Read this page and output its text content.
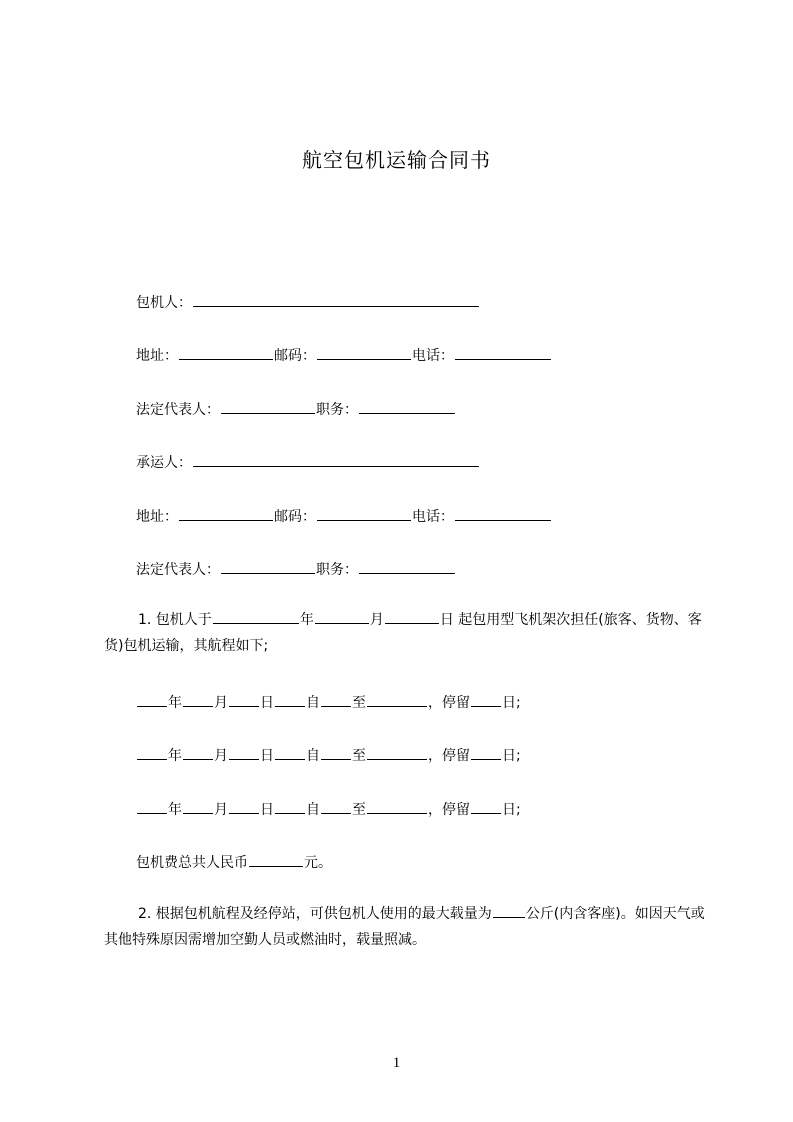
航空包机运输合同书
包机人：
地址：	邮码：	电话：
法定代表人：	职务：
承运人：
地址：	邮码：	电话：
法定代表人：	职务：
1. 包机人于	年	月	日 起包用型飞机架次担任(旅客、货物、客货)包机运输，其航程如下;
年 月 日 自 至	，停留 日;
年 月 日 自 至	，停留 日;
年 月 日 自 至	，停留 日;
包机费总共人民币	元。
2. 根据包机航程及经停站，可供包机人使用的最大载量为 公斤(内含客座)。如因天气或其他特殊原因需增加空勤人员或燃油时，载量照减。
1
